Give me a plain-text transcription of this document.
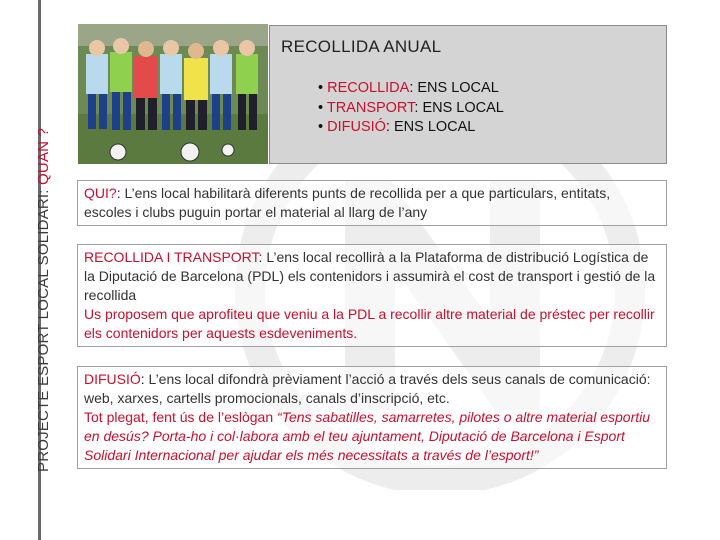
PROJECTE ESPORT LOCAL SOLIDARI: QUAN ?
RECOLLIDA ANUAL
• RECOLLIDA: ENS LOCAL
• TRANSPORT: ENS LOCAL
• DIFUSIÓ: ENS LOCAL

QUI?: L’ens local habilitarà diferents punts de recollida per a que particulars, entitats, escoles i clubs puguin portar el material al llarg de l’any

RECOLLIDA I TRANSPORT: L’ens local recollirà a la Plataforma de distribució Logística de la Diputació de Barcelona (PDL) els contenidors i assumirà el cost de transport i gestió de la recollida

Us proposem que aprofiteu que veniu a la PDL a recollir altre material de préstec per recollir els contenidors per aquests esdeveniments.

DIFUSIÓ: L’ens local difondrà prèviament l’acció a través dels seus canals de comunicació: web, xarxes, cartells promocionals, canals d’inscripció, etc.

Tot plegat, fent ús de l’eslògan “Tens sabatilles, samarretes, pilotes o altre material esportiu en desús? Porta-ho i col·labora amb el teu ajuntament, Diputació de Barcelona i Esport Solidari Internacional per ajudar els més necessitats a través de l’esport!”
